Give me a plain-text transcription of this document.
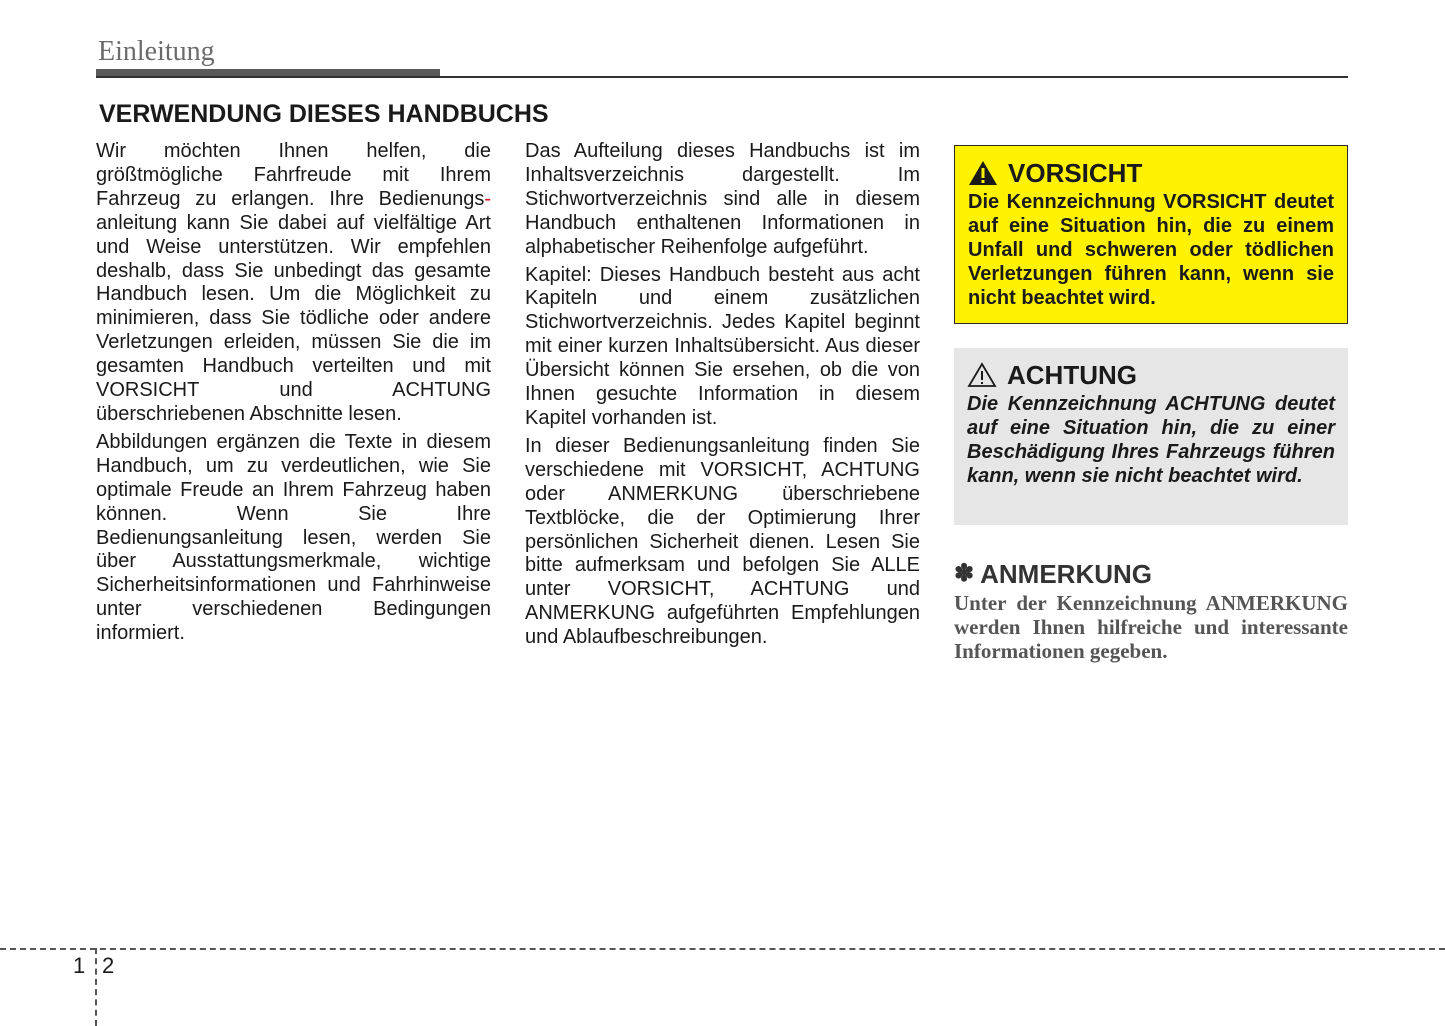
Einleitung
VERWENDUNG DIESES HANDBUCHS

Wir möchten Ihnen helfen, die größtmögliche Fahrfreude mit Ihrem Fahrzeug zu erlangen. Ihre Bedienungs-anleitung kann Sie dabei auf vielfältige Art und Weise unterstützen. Wir empfehlen deshalb, dass Sie unbedingt das gesamte Handbuch lesen. Um die Möglichkeit zu minimieren, dass Sie tödliche oder andere Verletzungen erleiden, müssen Sie die im gesamten Handbuch verteilten und mit VORSICHT und ACHTUNG überschriebenen Abschnitte lesen.

Abbildungen ergänzen die Texte in diesem Handbuch, um zu verdeutlichen, wie Sie optimale Freude an Ihrem Fahrzeug haben können. Wenn Sie Ihre Bedienungsanleitung lesen, werden Sie über Ausstattungsmerkmale, wichtige Sicherheitsinformationen und Fahrhinweise unter verschiedenen Bedingungen informiert.

Das Aufteilung dieses Handbuchs ist im Inhaltsverzeichnis dargestellt. Im Stichwortverzeichnis sind alle in diesem Handbuch enthaltenen Informationen in alphabetischer Reihenfolge aufgeführt.

Kapitel: Dieses Handbuch besteht aus acht Kapiteln und einem zusätzlichen Stichwortverzeichnis. Jedes Kapitel beginnt mit einer kurzen Inhaltsübersicht. Aus dieser Übersicht können Sie ersehen, ob die von Ihnen gesuchte Information in diesem Kapitel vorhanden ist.

In dieser Bedienungsanleitung finden Sie verschiedene mit VORSICHT, ACHTUNG oder ANMERKUNG überschriebene Textblöcke, die der Optimierung Ihrer persönlichen Sicherheit dienen. Lesen Sie bitte aufmerksam und befolgen Sie ALLE unter VORSICHT, ACHTUNG und ANMERKUNG aufgeführten Empfehlungen und Ablaufbeschreibungen.

VORSICHT

Die Kennzeichnung VORSICHT deutet auf eine Situation hin, die zu einem Unfall und schweren oder tödlichen Verletzungen führen kann, wenn sie nicht beachtet wird.

ACHTUNG

Die Kennzeichnung ACHTUNG deutet auf eine Situation hin, die zu einer Beschädigung Ihres Fahrzeugs führen kann, wenn sie nicht beachtet wird.

✽ ANMERKUNG

Unter der Kennzeichnung ANMERKUNG werden Ihnen hilfreiche und interessante Informationen gegeben.

1 2
